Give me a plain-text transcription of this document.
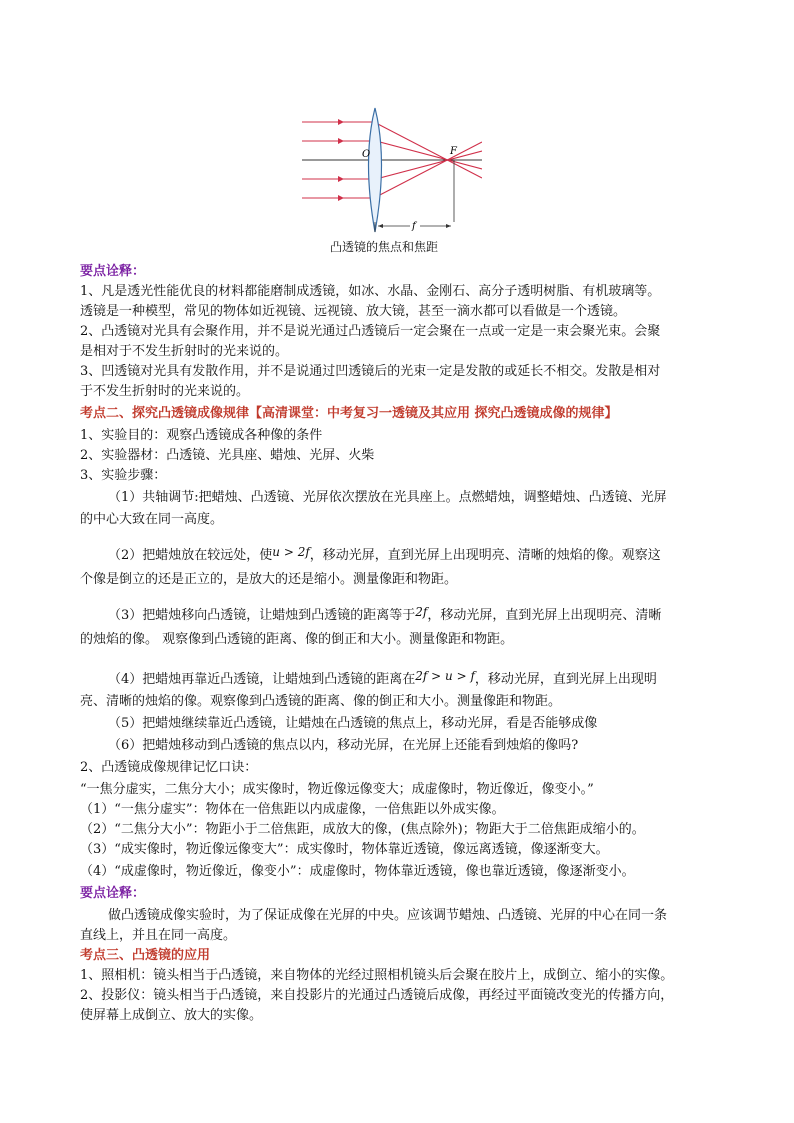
f
O	F
凸透镜的焦点和焦距
要点诠释：
1、凡是透光性能优良的材料都能磨制成透镜，如冰、水晶、金刚石、高分子透明树脂、有机玻璃等。
透镜是一种模型，常见的物体如近视镜、远视镜、放大镜，甚至一滴水都可以看做是一个透镜。
2、凸透镜对光具有会聚作用，并不是说光通过凸透镜后一定会聚在一点或一定是一束会聚光束。会聚
是相对于不发生折射时的光来说的。
3、凹透镜对光具有发散作用，并不是说通过凹透镜后的光束一定是发散的或延长不相交。发散是相对
于不发生折射时的光来说的。
考点二、探究凸透镜成像规律【高清课堂：中考复习一透镜及其应用 探究凸透镜成像的规律】
1、实验目的：观察凸透镜成各种像的条件
2、实验器材：凸透镜、光具座、蜡烛、光屏、火柴
3、实验步骤：
（1）共轴调节:把蜡烛、凸透镜、光屏依次摆放在光具座上。点燃蜡烛，调整蜡烛、凸透镜、光屏
的中心大致在同一高度。
（2）把蜡烛放在较远处，使u > 2f，移动光屏，直到光屏上出现明亮、清晰的烛焰的像。观察这
个像是倒立的还是正立的，是放大的还是缩小。测量像距和物距。
（3）把蜡烛移向凸透镜，让蜡烛到凸透镜的距离等于2f，移动光屏，直到光屏上出现明亮、清晰
的烛焰的像。 观察像到凸透镜的距离、像的倒正和大小。测量像距和物距。
（4）把蜡烛再靠近凸透镜，让蜡烛到凸透镜的距离在2f > u > f，移动光屏，直到光屏上出现明
亮、清晰的烛焰的像。观察像到凸透镜的距离、像的倒正和大小。测量像距和物距。
（5）把蜡烛继续靠近凸透镜，让蜡烛在凸透镜的焦点上，移动光屏，看是否能够成像
（6）把蜡烛移动到凸透镜的焦点以内，移动光屏，在光屏上还能看到烛焰的像吗?
2、凸透镜成像规律记忆口诀：
“一焦分虚实，二焦分大小；成实像时，物近像远像变大；成虚像时，物近像近，像变小。”
（1）“一焦分虚实”：物体在一倍焦距以内成虚像，一倍焦距以外成实像。
（2）“二焦分大小”：物距小于二倍焦距，成放大的像，(焦点除外)；物距大于二倍焦距成缩小的。
（3）“成实像时，物近像远像变大”：成实像时，物体靠近透镜，像远离透镜，像逐渐变大。
（4）“成虚像时，物近像近，像变小”：成虚像时，物体靠近透镜，像也靠近透镜，像逐渐变小。
要点诠释：
做凸透镜成像实验时，为了保证成像在光屏的中央。应该调节蜡烛、凸透镜、光屏的中心在同一条
直线上，并且在同一高度。
考点三、凸透镜的应用
1、照相机：镜头相当于凸透镜，来自物体的光经过照相机镜头后会聚在胶片上，成倒立、缩小的实像。
2、投影仪：镜头相当于凸透镜，来自投影片的光通过凸透镜后成像，再经过平面镜改变光的传播方向，
使屏幕上成倒立、放大的实像。
